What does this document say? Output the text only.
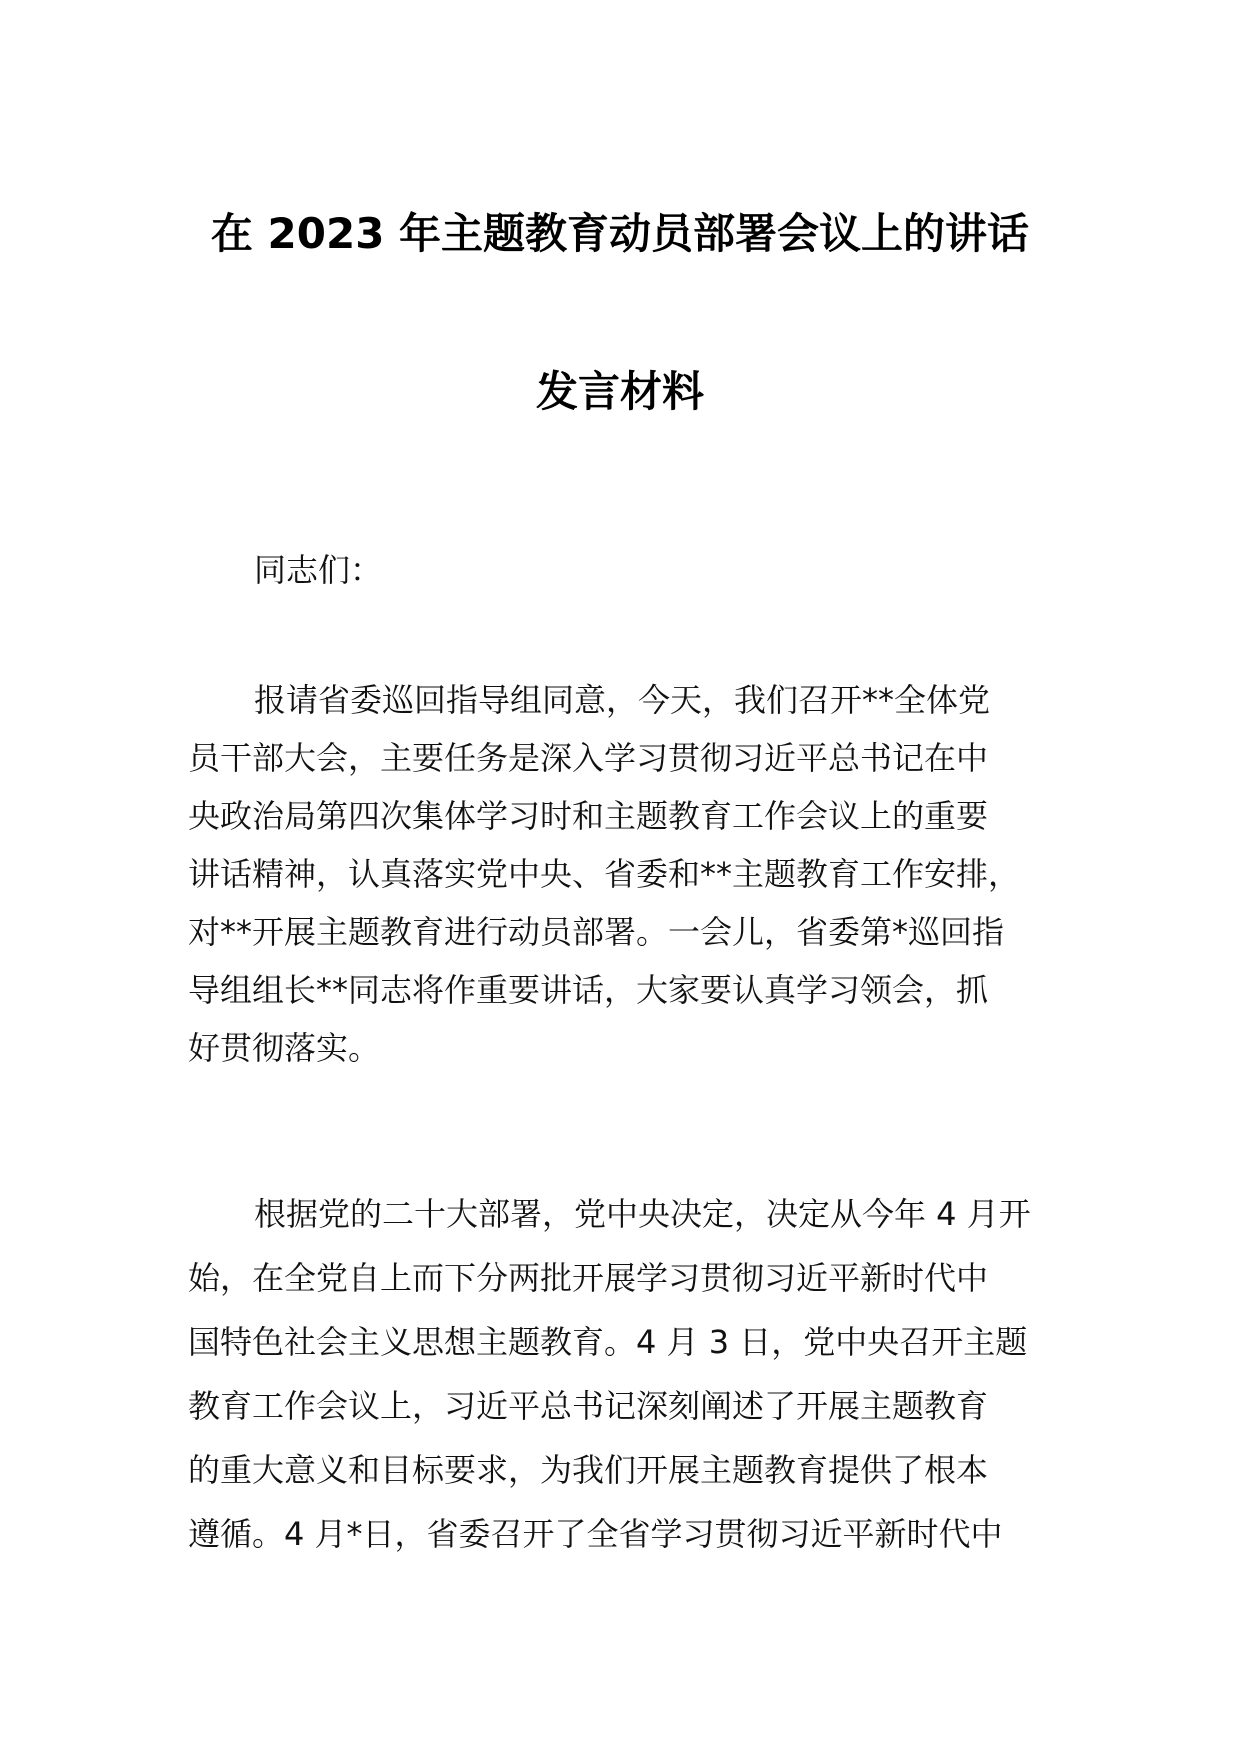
在 2023 年主题教育动员部署会议上的讲话
发言材料
同志们：
报请省委巡回指导组同意，今天，我们召开**全体党
员干部大会，主要任务是深入学习贯彻习近平总书记在中
央政治局第四次集体学习时和主题教育工作会议上的重要
讲话精神，认真落实党中央、省委和**主题教育工作安排，
对**开展主题教育进行动员部署。一会儿，省委第*巡回指
导组组长**同志将作重要讲话，大家要认真学习领会，抓
好贯彻落实。
根据党的二十大部署，党中央决定，决定从今年 4 月开
始，在全党自上而下分两批开展学习贯彻习近平新时代中
国特色社会主义思想主题教育。4 月 3 日，党中央召开主题
教育工作会议上，习近平总书记深刻阐述了开展主题教育
的重大意义和目标要求，为我们开展主题教育提供了根本
遵循。4 月*日，省委召开了全省学习贯彻习近平新时代中
